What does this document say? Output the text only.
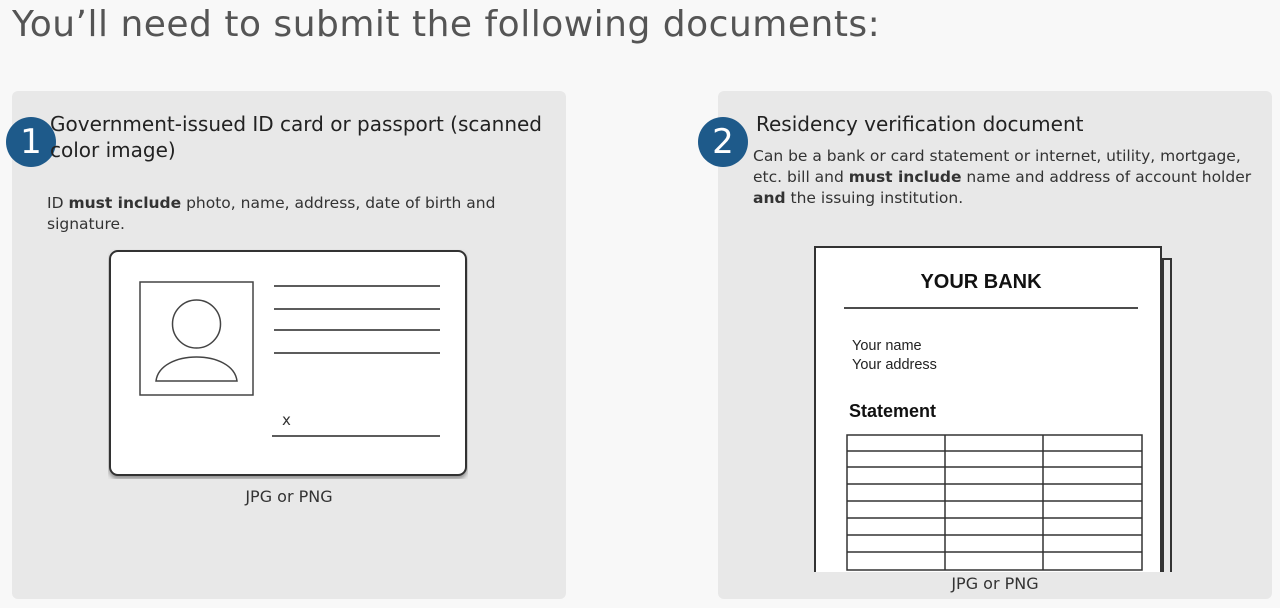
You’ll need to submit the following documents:
1 Government-issued ID card or passport (scanned color image)

ID must include photo, name, address, date of birth and signature.

x
JPG or PNG
2	Residency verification document

Can be a bank or card statement or internet, utility, mortgage, etc. bill and must include name and address of account holder and the issuing institution.

YOUR BANK
Your name
Your address
Statement
JPG or PNG
